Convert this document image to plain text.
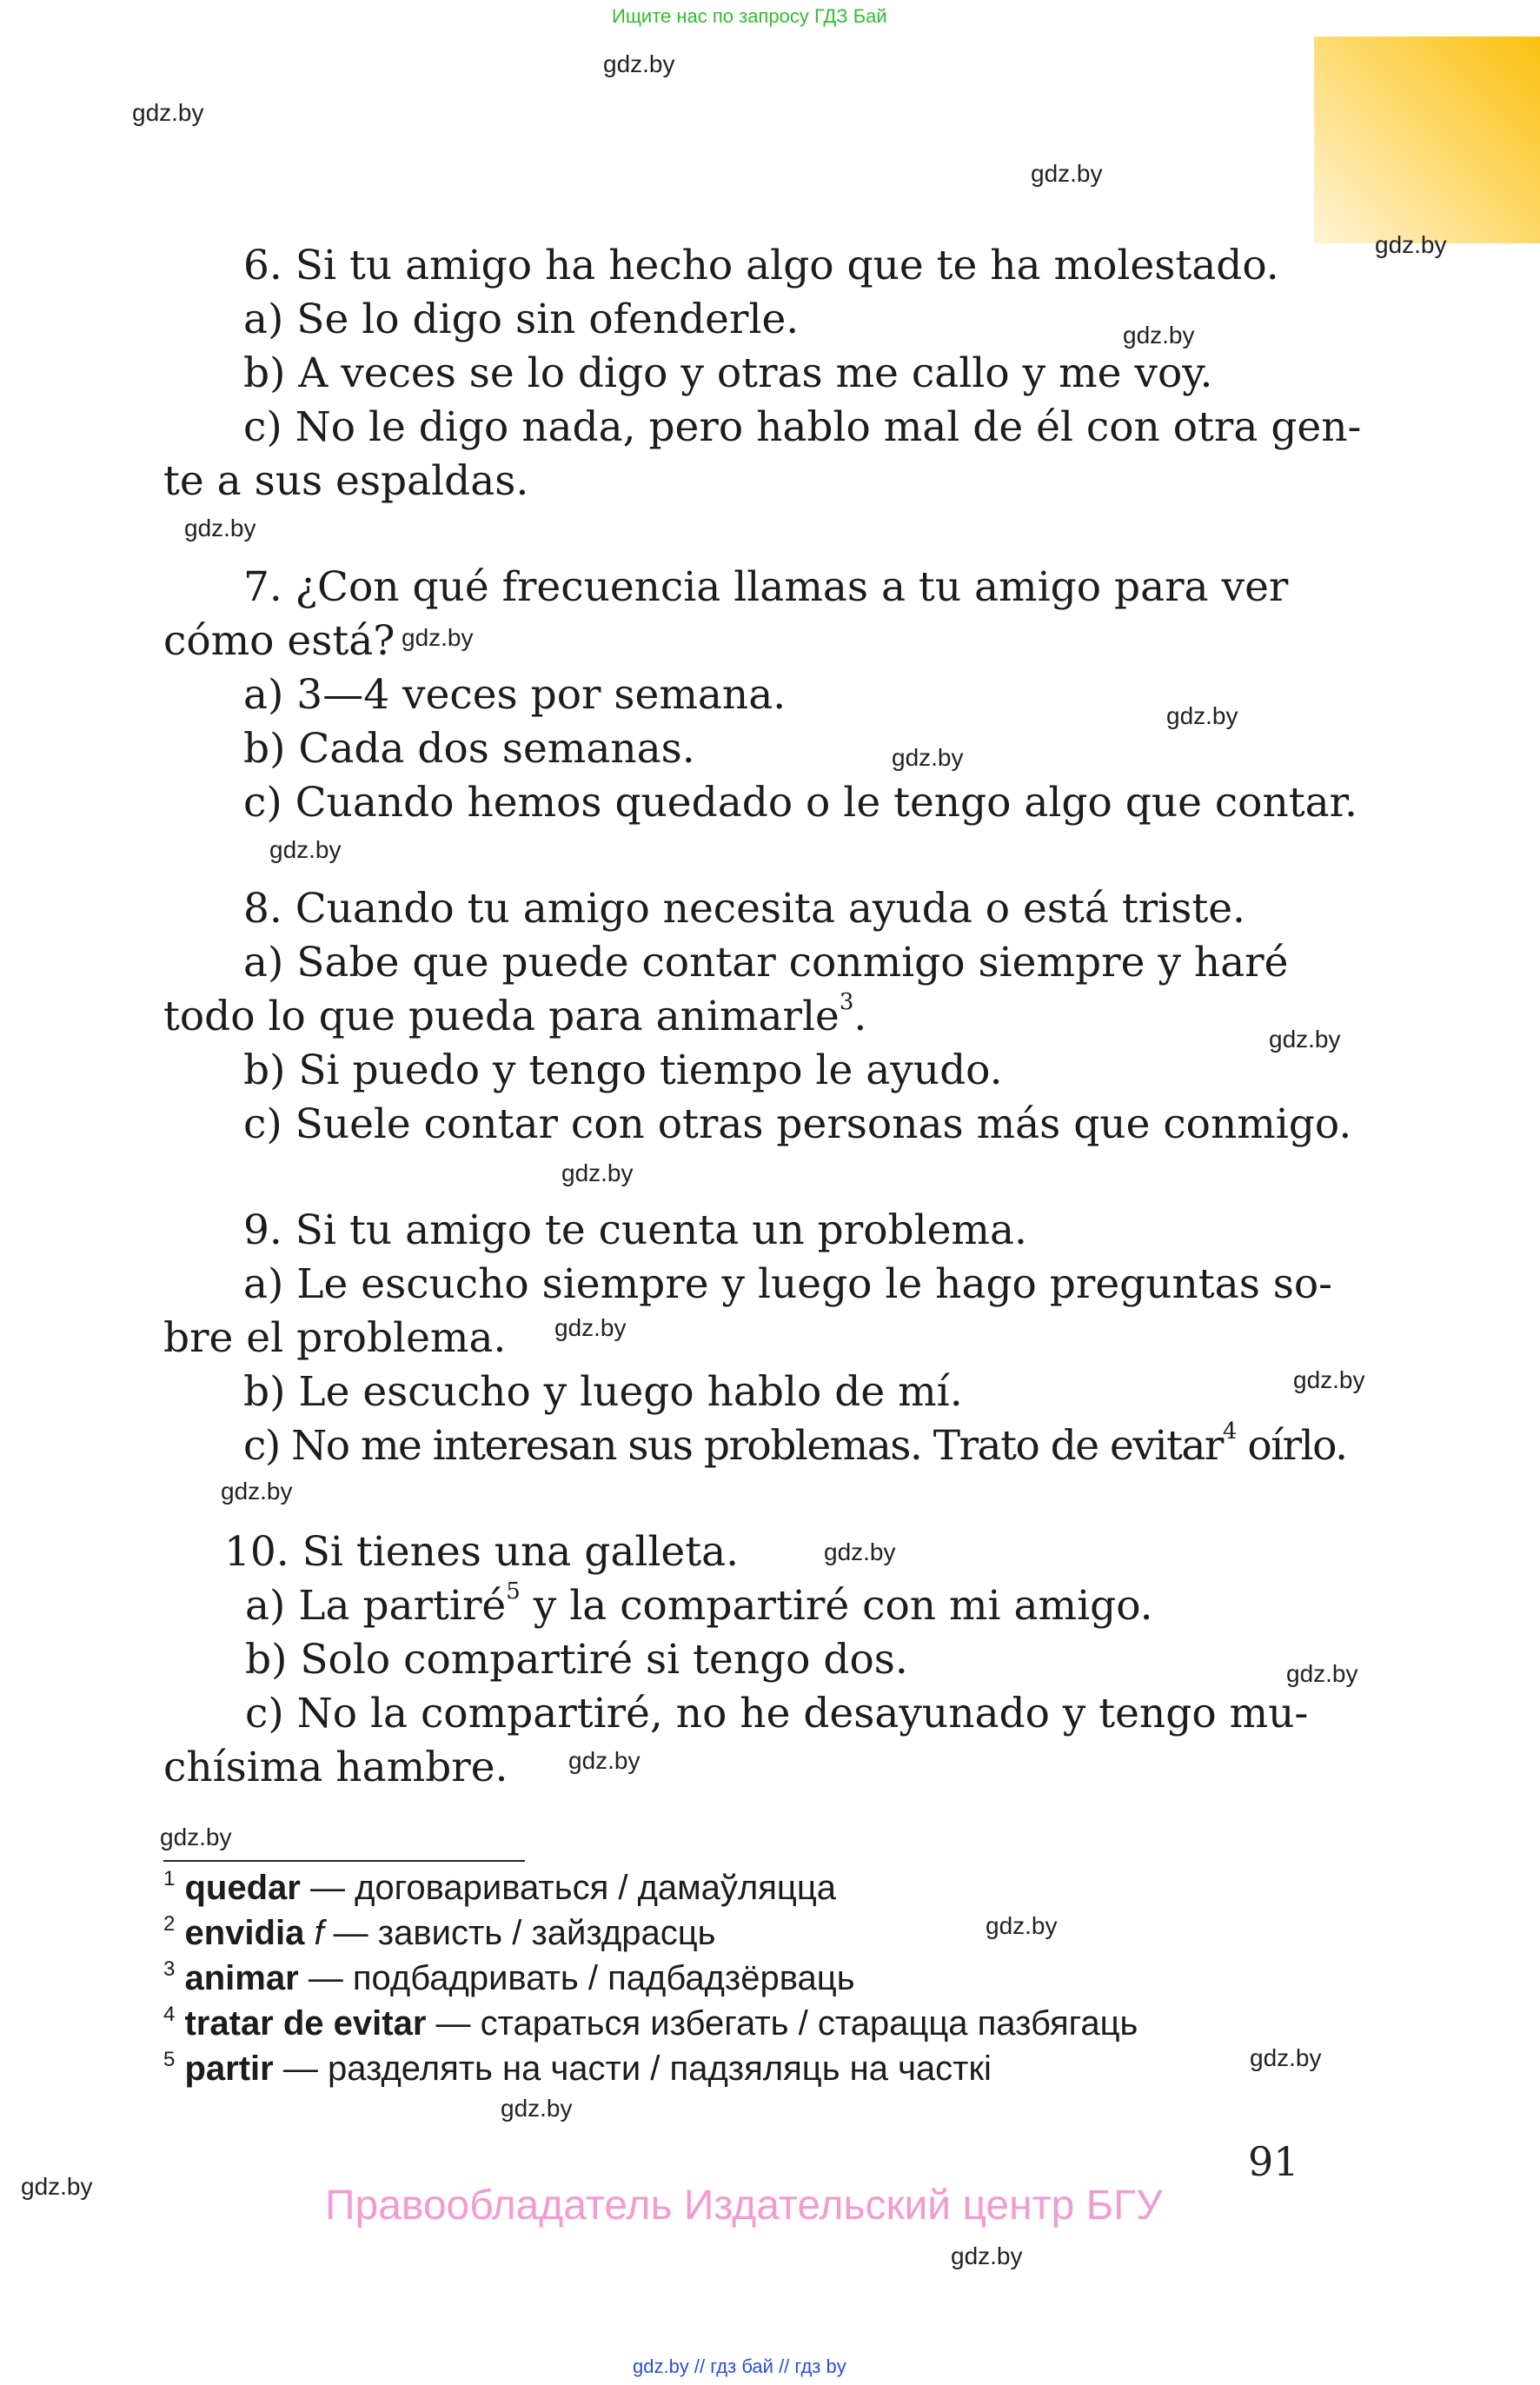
Ищите нас по запросу ГДЗ Бай
gdz.by
gdz.by
gdz.by
gdz.by
gdz.by
gdz.by
gdz.by
gdz.by
gdz.by
gdz.by
gdz.by
gdz.by
gdz.by
gdz.by
gdz.by
gdz.by
gdz.by
gdz.by
gdz.by
gdz.by
gdz.by
gdz.by
gdz.by
gdz.by
6. Si tu amigo ha hecho algo que te ha molestado.
a) Se lo digo sin ofenderle.
b) A veces se lo digo y otras me callo y me voy.
c) No le digo nada, pero hablo mal de él con otra gen-
te a sus espaldas.
7. ¿Con qué frecuencia llamas a tu amigo para ver
cómo está?
a) 3—4 veces por semana.
b) Cada dos semanas.
c) Cuando hemos quedado o le tengo algo que contar.
8. Cuando tu amigo necesita ayuda o está triste.
a) Sabe que puede contar conmigo siempre y haré
todo lo que pueda para animarle$^3$.
b) Si puedo y tengo tiempo le ayudo.
c) Suele contar con otras personas más que conmigo.
9. Si tu amigo te cuenta un problema.
a) Le escucho siempre y luego le hago preguntas so-
bre el problema.
b) Le escucho y luego hablo de mí.
c) No me interesan sus problemas. Trato de evitar$^4$ oírlo.
10. Si tienes una galleta.
a) La partiré$^5$ y la compartiré con mi amigo.
b) Solo compartiré si tengo dos.
c) No la compartiré, no he desayunado y tengo mu-
chísima hambre.
$^1$ quedar — договариваться / дамаўляцца
$^2$ envidia f — зависть / зайздрасць
$^3$ animar — подбадривать / падбадзёрваць
$^4$ tratar de evitar — стараться избегать / старацца пазбягаць
$^5$ partir — разделять на части / падзяляць на часткі
91
Правообладатель Издательский центр БГУ
gdz.by // гдз бай // гдз by
